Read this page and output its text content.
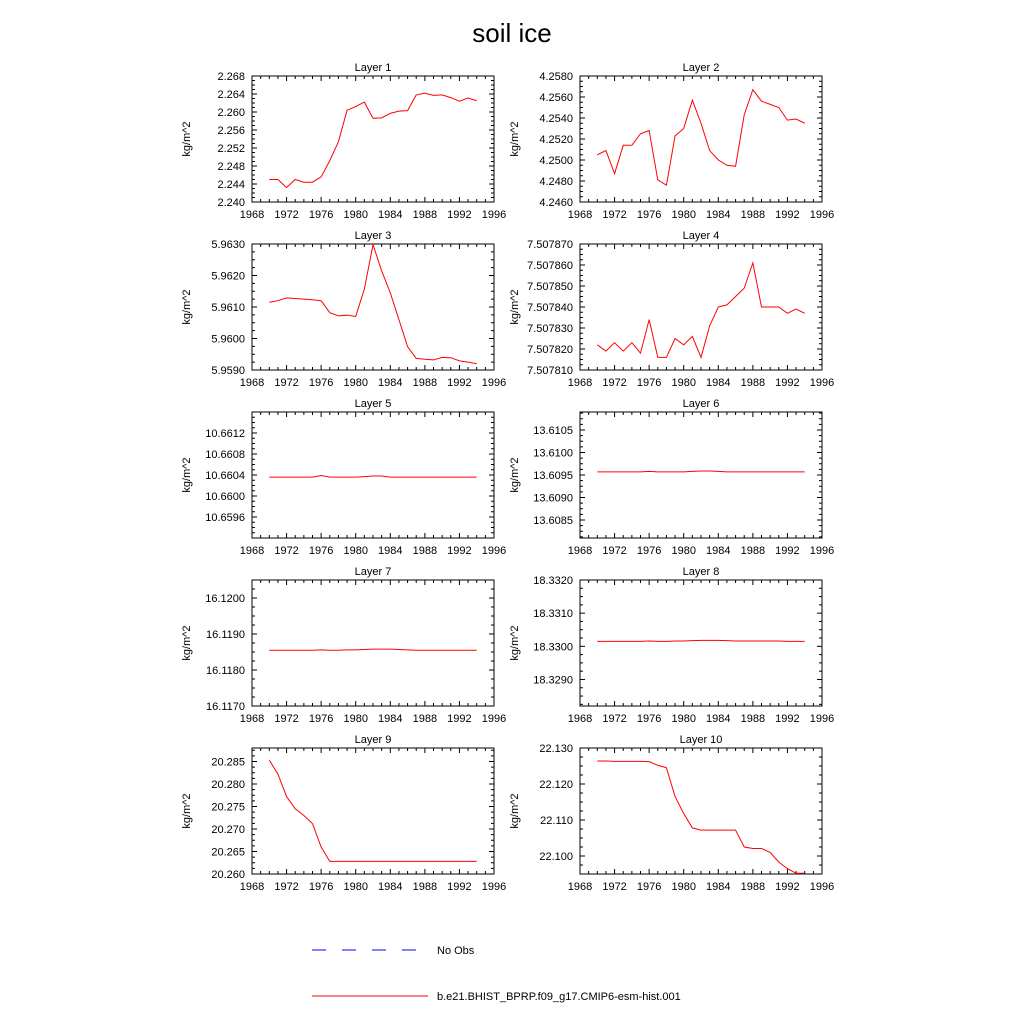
soil ice
Layer 1
1968 1972 1976 1980 1984 1988 1992 1996
2.240
2.244
2.248
2.252
2.256
2.260
2.264
2.268
kg/m^2
Layer 2
1968 1972 1976 1980 1984 1988 1992 1996
4.2460
4.2480
4.2500
4.2520
4.2540
4.2560
4.2580
kg/m^2
Layer 3
1968 1972 1976 1980 1984 1988 1992 1996
5.9590
5.9600
5.9610
5.9620
5.9630
kg/m^2
Layer 4
1968 1972 1976 1980 1984 1988 1992 1996
7.507810
7.507820
7.507830
7.507840
7.507850
7.507860
7.507870
kg/m^2
Layer 5
1968 1972 1976 1980 1984 1988 1992 1996
10.6596
10.6600
10.6604
10.6608
10.6612
kg/m^2
Layer 6
1968 1972 1976 1980 1984 1988 1992 1996
13.6085
13.6090
13.6095
13.6100
13.6105
kg/m^2
Layer 7
1968 1972 1976 1980 1984 1988 1992 1996
16.1170
16.1180
16.1190
16.1200
kg/m^2
Layer 8
1968 1972 1976 1980 1984 1988 1992 1996
18.3290
18.3300
18.3310
18.3320
kg/m^2
Layer 9
1968 1972 1976 1980 1984 1988 1992 1996
20.260
20.265
20.270
20.275
20.280
20.285
kg/m^2
Layer 10
1968 1972 1976 1980 1984 1988 1992 1996
22.100
22.110
22.120
22.130
kg/m^2
No Obs
b.e21.BHIST_BPRP.f09_g17.CMIP6-esm-hist.001
